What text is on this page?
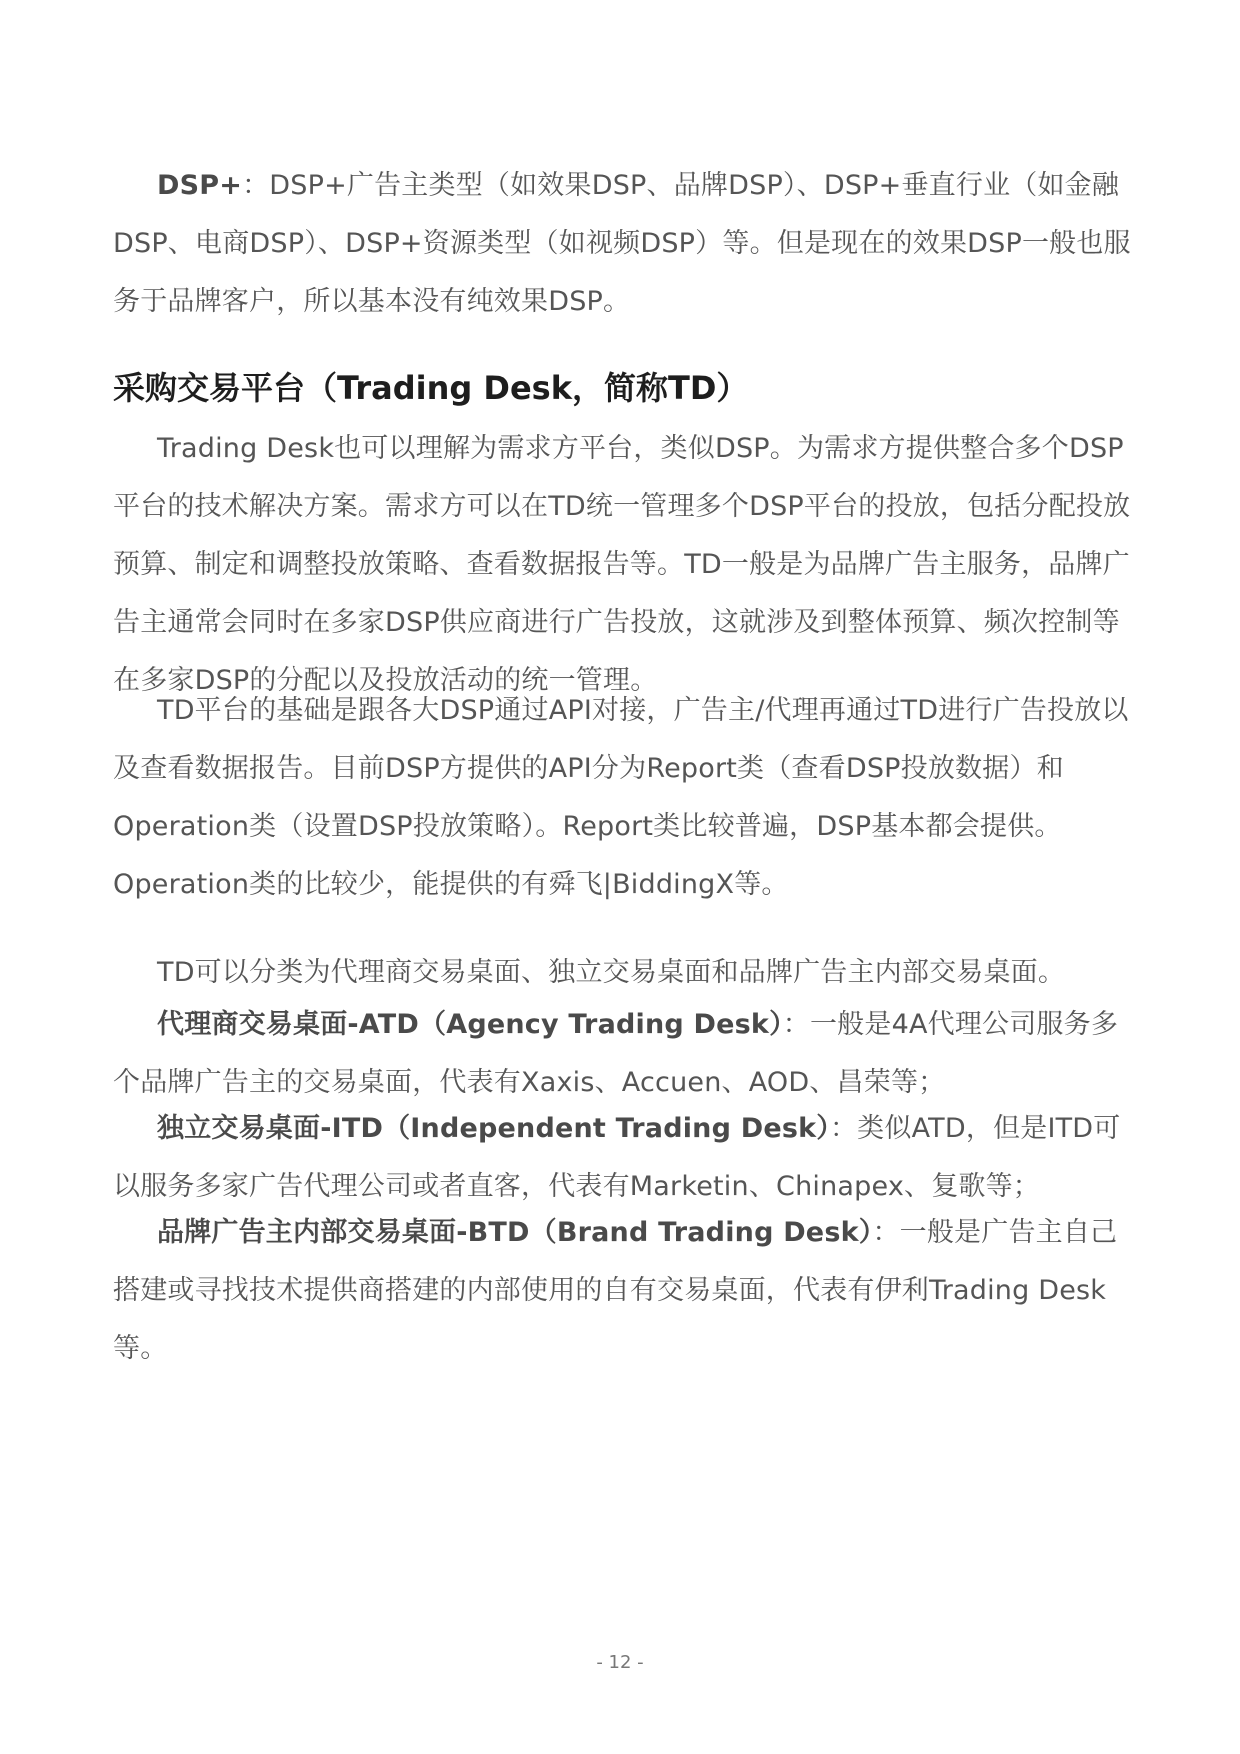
DSP+：DSP+广告主类型（如效果DSP、品牌DSP）、DSP+垂直行业（如金融DSP、电商DSP）、DSP+资源类型（如视频DSP）等。但是现在的效果DSP一般也服务于品牌客户，所以基本没有纯效果DSP。

采购交易平台（Trading Desk，简称TD）

Trading Desk也可以理解为需求方平台，类似DSP。为需求方提供整合多个DSP平台的技术解决方案。需求方可以在TD统一管理多个DSP平台的投放，包括分配投放预算、制定和调整投放策略、查看数据报告等。TD一般是为品牌广告主服务，品牌广告主通常会同时在多家DSP供应商进行广告投放，这就涉及到整体预算、频次控制等在多家DSP的分配以及投放活动的统一管理。

TD平台的基础是跟各大DSP通过API对接，广告主/代理再通过TD进行广告投放以及查看数据报告。目前DSP方提供的API分为Report类（查看DSP投放数据）和Operation类（设置DSP投放策略）。Report类比较普遍，DSP基本都会提供。Operation类的比较少，能提供的有舜飞|BiddingX等。

TD可以分类为代理商交易桌面、独立交易桌面和品牌广告主内部交易桌面。

代理商交易桌面-ATD（Agency Trading Desk）：一般是4A代理公司服务多个品牌广告主的交易桌面，代表有Xaxis、Accuen、AOD、昌荣等；

独立交易桌面-ITD（Independent Trading Desk）：类似ATD，但是ITD可以服务多家广告代理公司或者直客，代表有Marketin、Chinapex、复歌等；

品牌广告主内部交易桌面-BTD（Brand Trading Desk）：一般是广告主自己搭建或寻找技术提供商搭建的内部使用的自有交易桌面，代表有伊利Trading Desk等。

- 12 -
